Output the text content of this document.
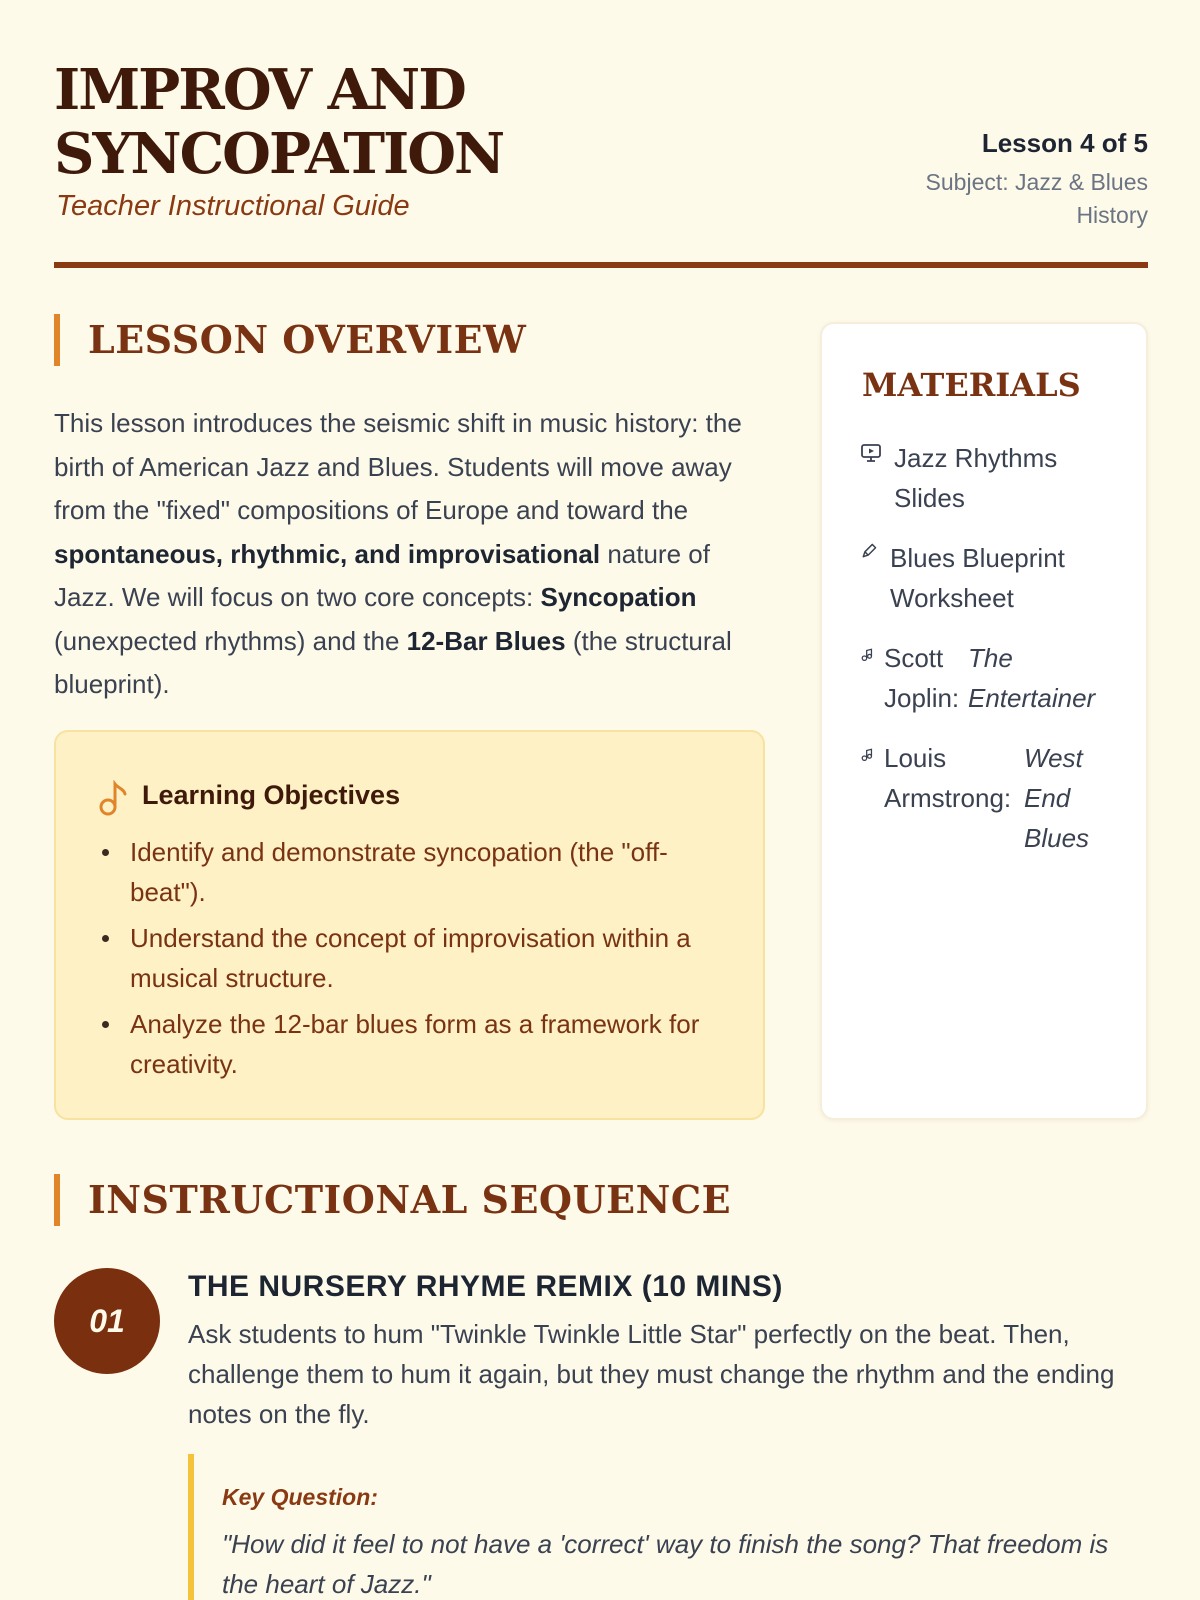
IMPROV AND SYNCOPATION
Teacher Instructional Guide
Lesson 4 of 5
Subject: Jazz & Blues History
LESSON OVERVIEW
This lesson introduces the seismic shift in music history: the birth of American Jazz and Blues. Students will move away from the "fixed" compositions of Europe and toward the spontaneous, rhythmic, and improvisational nature of Jazz. We will focus on two core concepts: Syncopation (unexpected rhythms) and the 12-Bar Blues (the structural blueprint).
Learning Objectives
Identify and demonstrate syncopation (the "off-beat").
Understand the concept of improvisation within a musical structure.
Analyze the 12-bar blues form as a framework for creativity.
MATERIALS
Jazz Rhythms Slides
Blues Blueprint Worksheet
Scott Joplin:
The Entertainer
Louis Armstrong:
West End Blues
INSTRUCTIONAL SEQUENCE
01
THE NURSERY RHYME REMIX (10 MINS)
Ask students to hum "Twinkle Twinkle Little Star" perfectly on the beat. Then, challenge them to hum it again, but they must change the rhythm and the ending notes on the fly.
Key Question:
"How did it feel to not have a 'correct' way to finish the song? That freedom is the heart of Jazz."
